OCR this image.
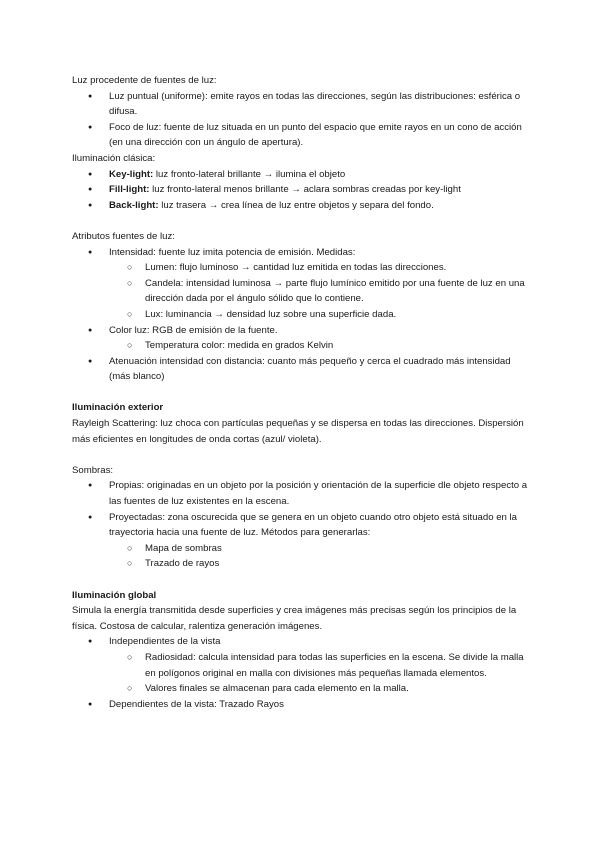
Luz procedente de fuentes de luz:

● Luz puntual (uniforme): emite rayos en todas las direcciones, según las distribuciones: esférica o difusa.
● Foco de luz: fuente de luz situada en un punto del espacio que emite rayos en un cono de acción (en una dirección con un ángulo de apertura).

Iluminación clásica:

● Key-light: luz fronto-lateral brillante → ilumina el objeto
● Fill-light: luz fronto-lateral menos brillante → aclara sombras creadas por key-light
● Back-light: luz trasera → crea línea de luz entre objetos y separa del fondo.

Atributos fuentes de luz:

● Intensidad: fuente luz imita potencia de emisión. Medidas:
○ Lumen: flujo luminoso → cantidad luz emitida en todas las direcciones.
○ Candela: intensidad luminosa → parte flujo lumínico emitido por una fuente de luz en una dirección dada por el ángulo sólido que lo contiene.
○ Lux: luminancia → densidad luz sobre una superficie dada.
● Color luz: RGB de emisión de la fuente.
○ Temperatura color: medida en grados Kelvin
● Atenuación intensidad con distancia: cuanto más pequeño y cerca el cuadrado más intensidad (más blanco)

Iluminación exterior

Rayleigh Scattering: luz choca con partículas pequeñas y se dispersa en todas las direcciones. Dispersión más eficientes en longitudes de onda cortas (azul/ violeta).

Sombras:

● Propias: originadas en un objeto por la posición y orientación de la superficie dle objeto respecto a las fuentes de luz existentes en la escena.
● Proyectadas: zona oscurecida que se genera en un objeto cuando otro objeto está situado en la trayectoria hacia una fuente de luz. Métodos para generarlas:
○ Mapa de sombras
○ Trazado de rayos

Iluminación global

Simula la energía transmitida desde superficies y crea imágenes más precisas según los principios de la física. Costosa de calcular, ralentiza generación imágenes.

● Independientes de la vista
○ Radiosidad: calcula intensidad para todas las superficies en la escena. Se divide la malla en polígonos original en malla con divisiones más pequeñas llamada elementos.
○ Valores finales se almacenan para cada elemento en la malla.
● Dependientes de la vista: Trazado Rayos
